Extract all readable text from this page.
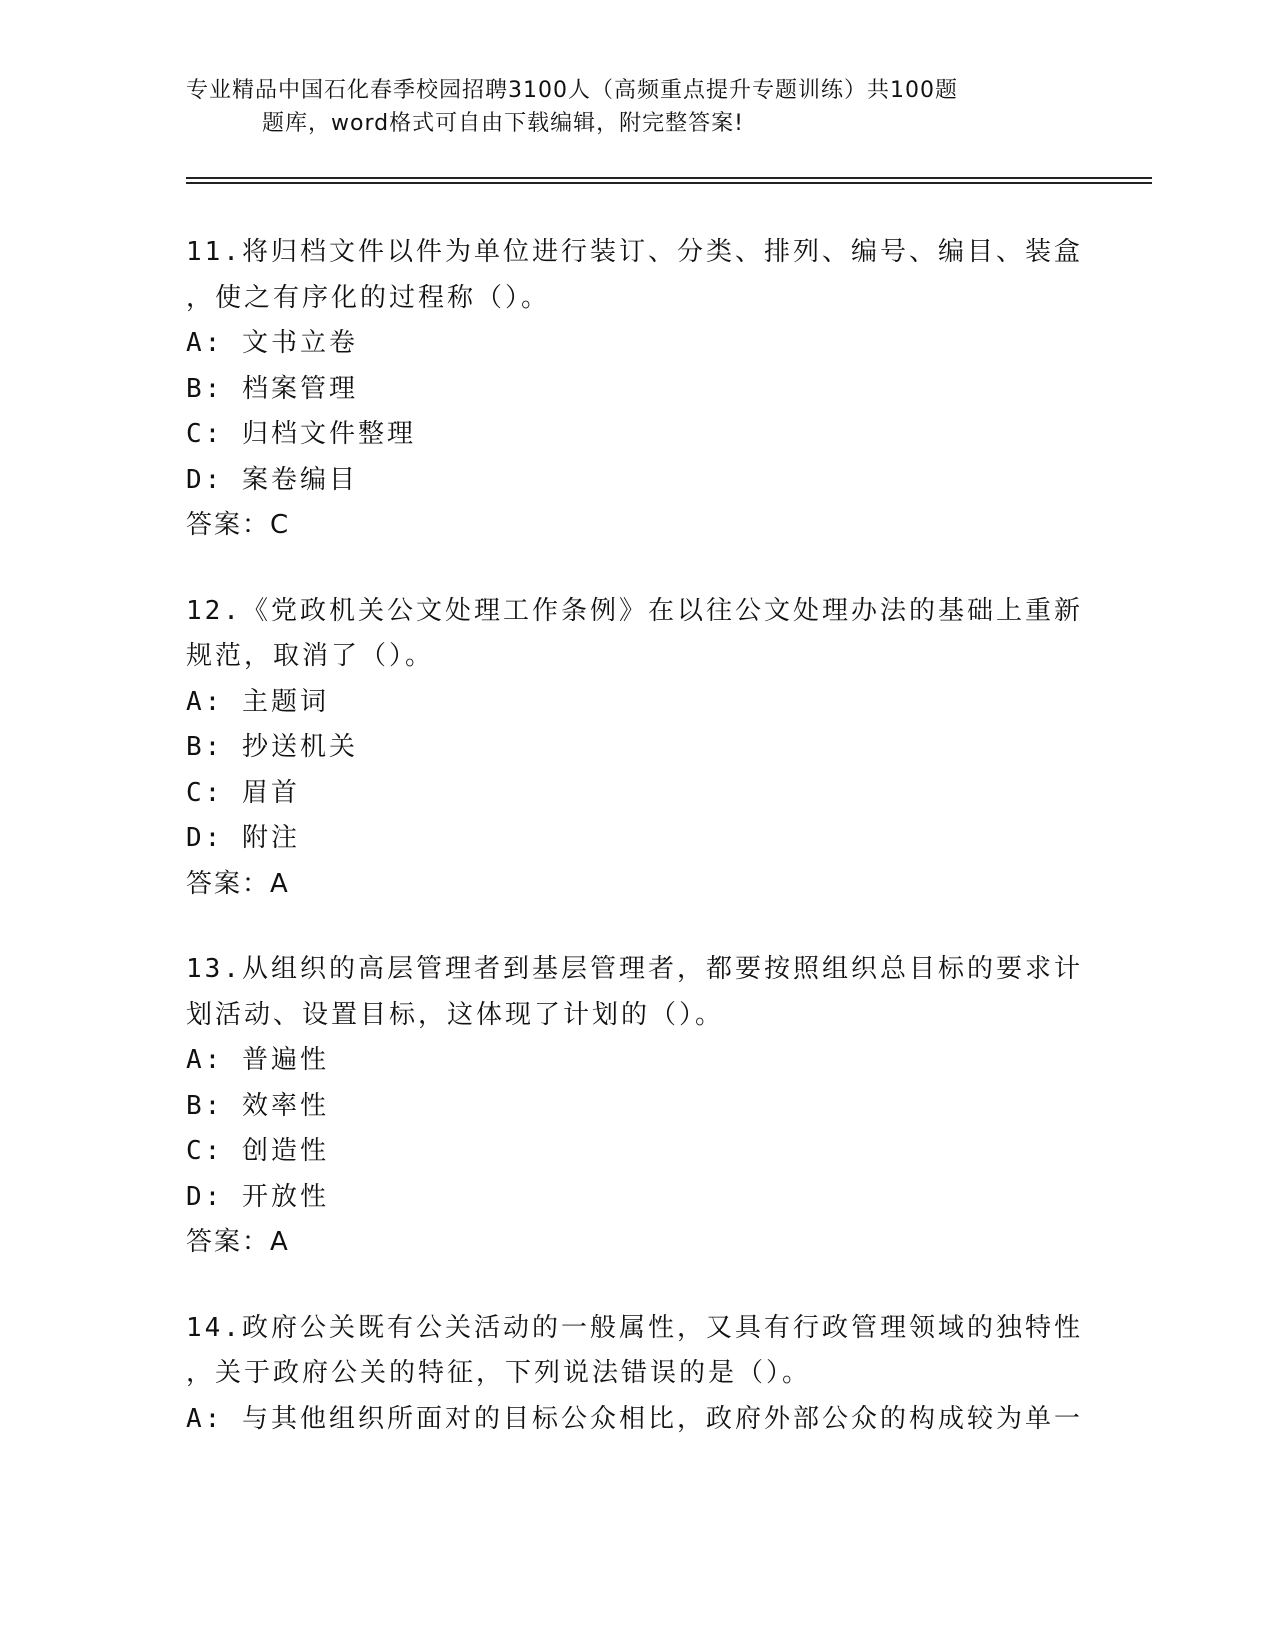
专业精品中国石化春季校园招聘3100人（高频重点提升专题训练）共100题
题库，word格式可自由下载编辑，附完整答案!
11.将归档文件以件为单位进行装订、分类、排列、编号、编目、装盒
，使之有序化的过程称（）。
A: 文书立卷
B: 档案管理
C: 归档文件整理
D: 案卷编目
答案：C
12.《党政机关公文处理工作条例》在以往公文处理办法的基础上重新
规范，取消了（）。
A: 主题词
B: 抄送机关
C: 眉首
D: 附注
答案：A
13.从组织的高层管理者到基层管理者，都要按照组织总目标的要求计
划活动、设置目标，这体现了计划的（）。
A: 普遍性
B: 效率性
C: 创造性
D: 开放性
答案：A
14.政府公关既有公关活动的一般属性，又具有行政管理领域的独特性
，关于政府公关的特征，下列说法错误的是（）。
A: 与其他组织所面对的目标公众相比，政府外部公众的构成较为单一
